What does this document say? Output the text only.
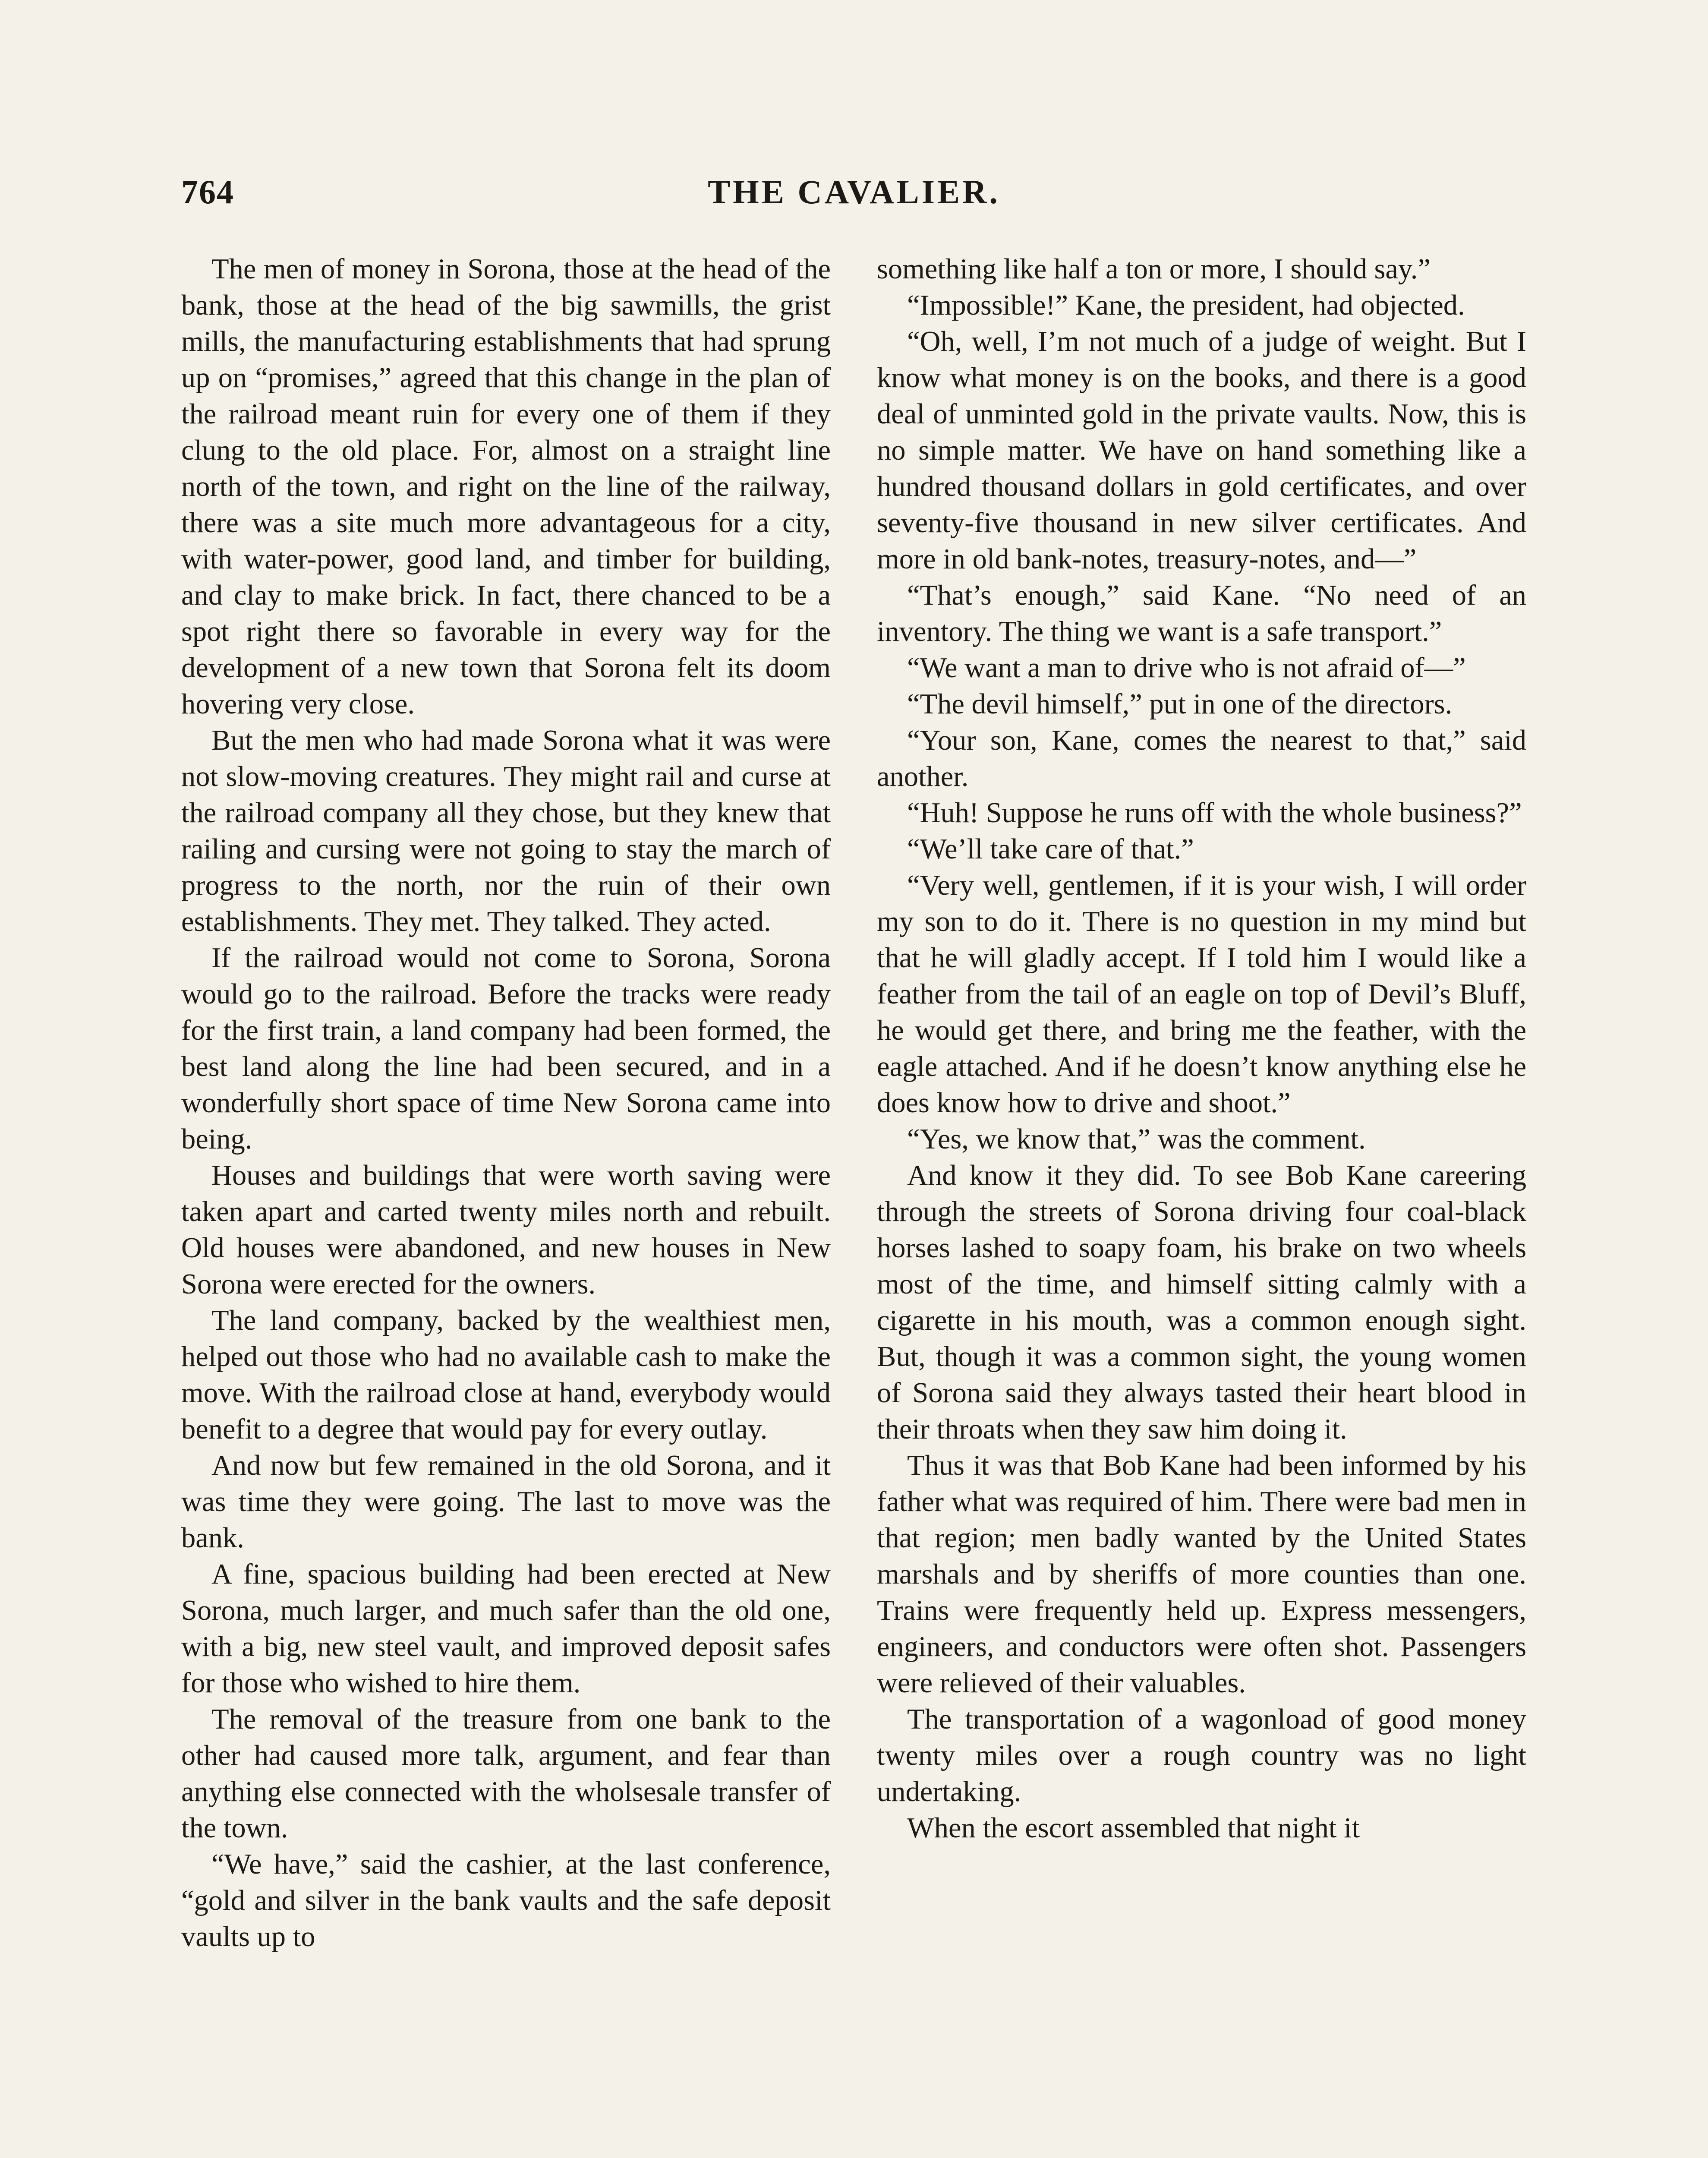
764	THE CAVALIER.

The men of money in Sorona, those at the head of the bank, those at the head of the big sawmills, the grist mills, the manufacturing establishments that had sprung up on “promises,” agreed that this change in the plan of the railroad meant ruin for every one of them if they clung to the old place. For, almost on a straight line north of the town, and right on the line of the railway, there was a site much more advantageous for a city, with water-power, good land, and timber for building, and clay to make brick. In fact, there chanced to be a spot right there so favorable in every way for the development of a new town that Sorona felt its doom hovering very close.

But the men who had made Sorona what it was were not slow-moving creatures. They might rail and curse at the railroad company all they chose, but they knew that railing and cursing were not going to stay the march of progress to the north, nor the ruin of their own establishments. They met. They talked. They acted.

If the railroad would not come to Sorona, Sorona would go to the railroad. Before the tracks were ready for the first train, a land company had been formed, the best land along the line had been secured, and in a wonderfully short space of time New Sorona came into being.

Houses and buildings that were worth saving were taken apart and carted twenty miles north and rebuilt. Old houses were abandoned, and new houses in New Sorona were erected for the owners.

The land company, backed by the wealthiest men, helped out those who had no available cash to make the move. With the railroad close at hand, everybody would benefit to a degree that would pay for every outlay.

And now but few remained in the old Sorona, and it was time they were going. The last to move was the bank.

A fine, spacious building had been erected at New Sorona, much larger, and much safer than the old one, with a big, new steel vault, and improved deposit safes for those who wished to hire them.

The removal of the treasure from one bank to the other had caused more talk, argument, and fear than anything else connected with the wholsesale transfer of the town.

“We have,” said the cashier, at the last conference, “gold and silver in the bank vaults and the safe deposit vaults up to

something like half a ton or more, I should say.”

“Impossible!” Kane, the president, had objected.

“Oh, well, I’m not much of a judge of weight. But I know what money is on the books, and there is a good deal of unminted gold in the private vaults. Now, this is no simple matter. We have on hand something like a hundred thousand dollars in gold certificates, and over seventy-five thousand in new silver certificates. And more in old bank-notes, treasury-notes, and—”

“That’s enough,” said Kane. “No need of an inventory. The thing we want is a safe transport.”

“We want a man to drive who is not afraid of—”

“The devil himself,” put in one of the directors.

“Your son, Kane, comes the nearest to that,” said another.

“Huh! Suppose he runs off with the whole business?”

“We’ll take care of that.”

“Very well, gentlemen, if it is your wish, I will order my son to do it. There is no question in my mind but that he will gladly accept. If I told him I would like a feather from the tail of an eagle on top of Devil’s Bluff, he would get there, and bring me the feather, with the eagle attached. And if he doesn’t know anything else he does know how to drive and shoot.”

“Yes, we know that,” was the comment.

And know it they did. To see Bob Kane careering through the streets of Sorona driving four coal-black horses lashed to soapy foam, his brake on two wheels most of the time, and himself sitting calmly with a cigarette in his mouth, was a common enough sight. But, though it was a common sight, the young women of Sorona said they always tasted their heart blood in their throats when they saw him doing it.

Thus it was that Bob Kane had been informed by his father what was required of him. There were bad men in that region; men badly wanted by the United States marshals and by sheriffs of more counties than one. Trains were frequently held up. Express messengers, engineers, and conductors were often shot. Passengers were relieved of their valuables.

The transportation of a wagonload of good money twenty miles over a rough country was no light undertaking.

When the escort assembled that night it
